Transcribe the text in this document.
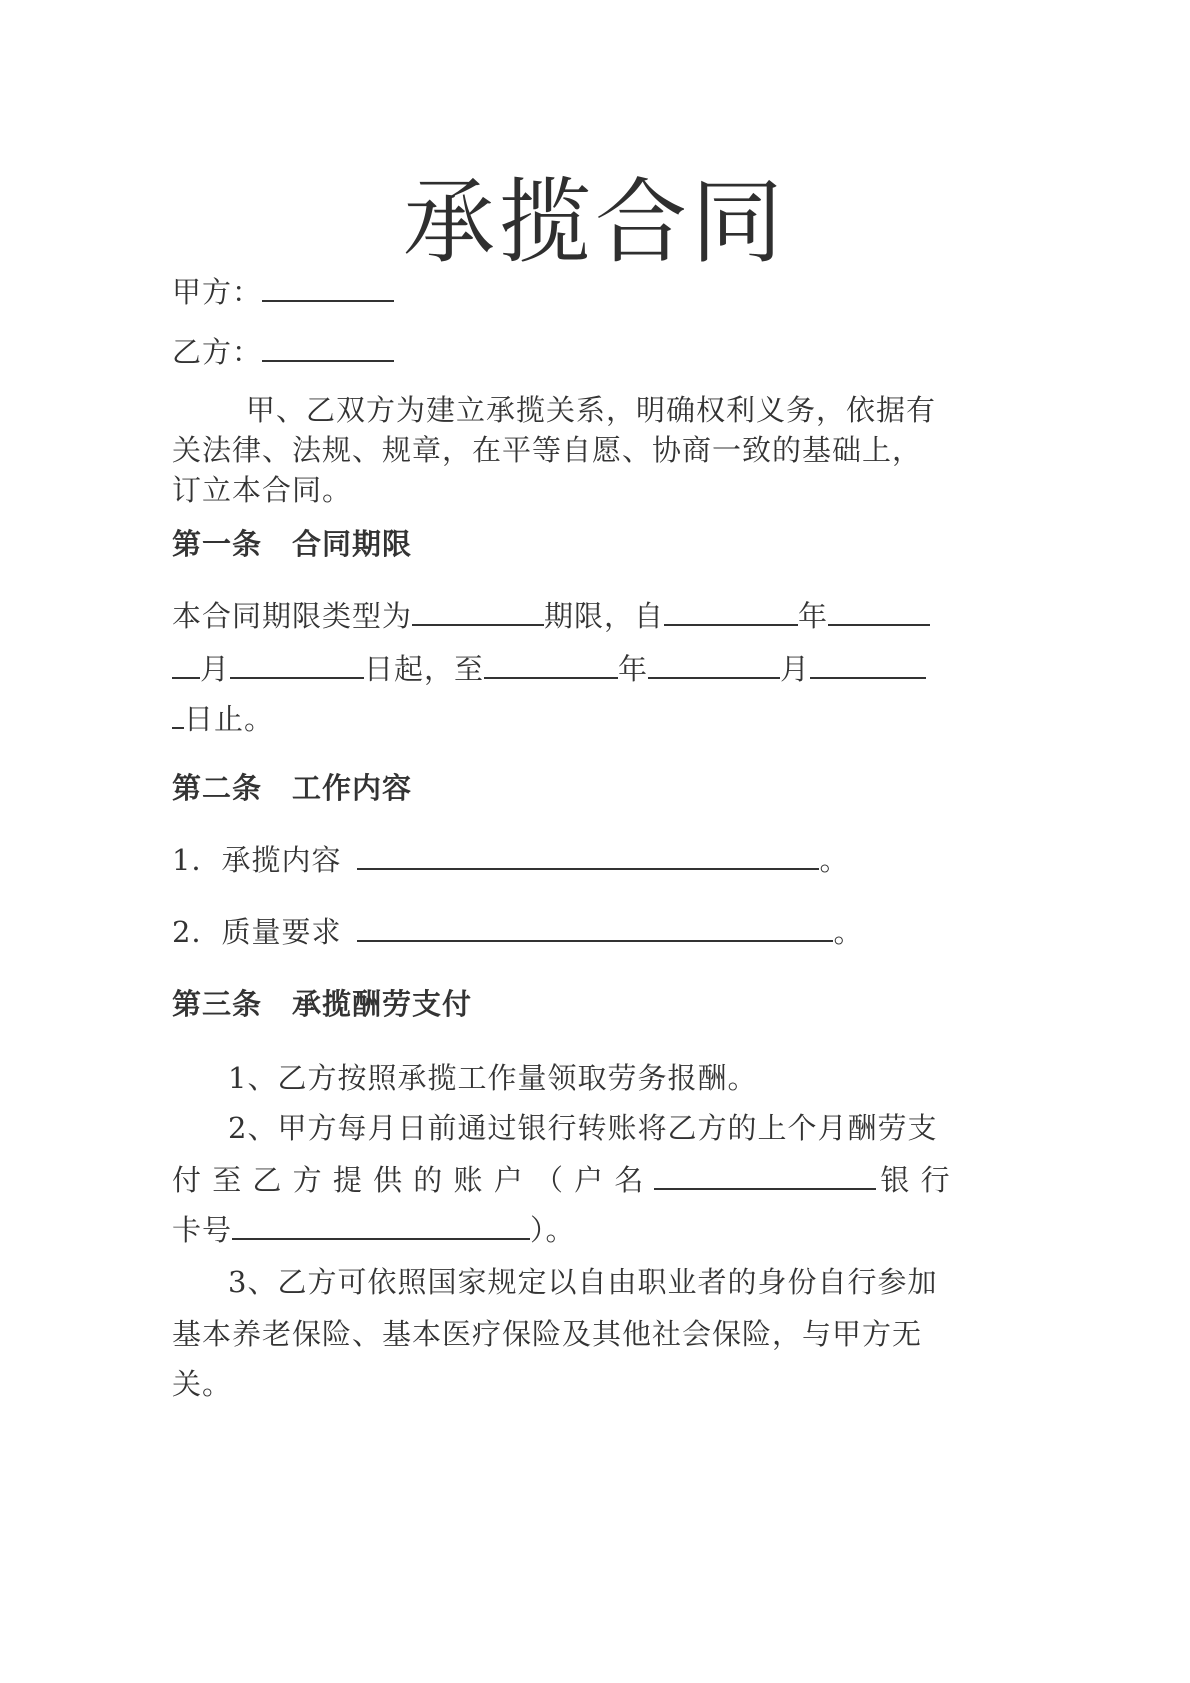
承揽合同
甲方：
乙方：
甲、乙双方为建立承揽关系，明确权利义务，依据有
关法律、法规、规章，在平等自愿、协商一致的基础上，
订立本合同。
第一条　合同期限
本合同期限类型为	期限，自	年
月	日起，至	年	月
日止。
第二条　工作内容
1．承揽内容	。
2．质量要求	。
第三条　承揽酬劳支付
1、乙方按照承揽工作量领取劳务报酬。
2、甲方每月日前通过银行转账将乙方的上个月酬劳支
付 至 乙 方 提 供 的 账 户 （ 户 名	银 行
卡号	）。
3、乙方可依照国家规定以自由职业者的身份自行参加
基本养老保险、基本医疗保险及其他社会保险，与甲方无
关。
